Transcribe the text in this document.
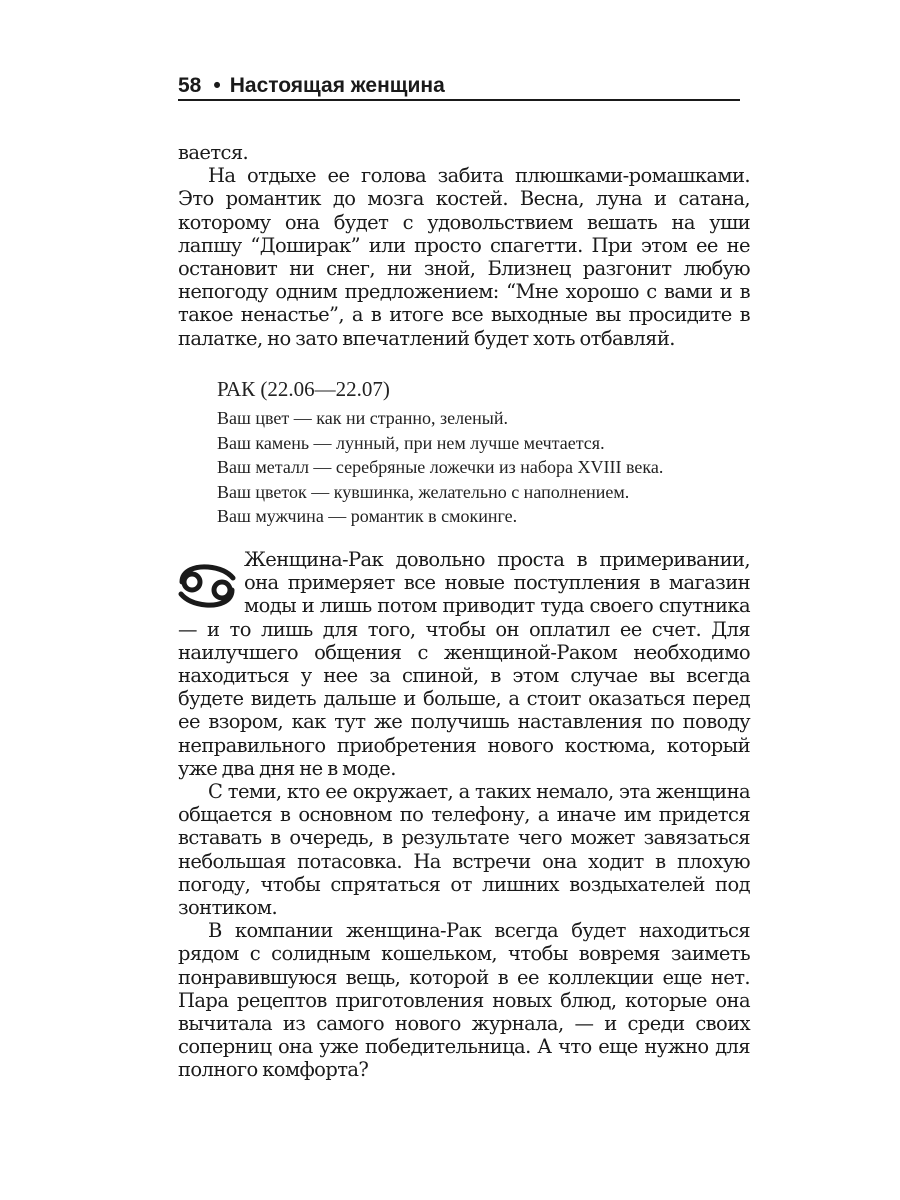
58 • Настоящая женщина

вается.

На отдыхе ее голова забита плюшками-ромашками. Это романтик до мозга костей. Весна, луна и сатана, которому она будет с удовольствием вешать на уши лапшу “Доширак” или просто спагетти. При этом ее не остановит ни снег, ни зной, Близнец разгонит любую непогоду одним предложением: “Мне хорошо с вами и в такое ненастье”, а в итоге все выходные вы просидите в палатке, но зато впечатлений будет хоть отбавляй.

РАК (22.06—22.07)
Ваш цвет — как ни странно, зеленый.
Ваш камень — лунный, при нем лучше мечтается.
Ваш металл — серебряные ложечки из набора XVIII века.
Ваш цветок — кувшинка, желательно с наполнением.
Ваш мужчина — романтик в смокинге.

Женщина-Рак довольно проста в примеривании, она примеряет все новые поступления в магазин моды и лишь потом приводит туда своего спутника — и то лишь для того, чтобы он оплатил ее счет. Для наилучшего общения с женщиной-Раком необходимо находиться у нее за спиной, в этом случае вы всегда будете видеть дальше и больше, а стоит оказаться перед ее взором, как тут же получишь наставления по поводу неправильного приобретения нового костюма, который уже два дня не в моде.

С теми, кто ее окружает, а таких немало, эта женщина общается в основном по телефону, а иначе им придется вставать в очередь, в результате чего может завязаться небольшая потасовка. На встречи она ходит в плохую погоду, чтобы спрятаться от лишних воздыхателей под зонтиком.

В компании женщина-Рак всегда будет находиться рядом с солидным кошельком, чтобы вовремя заиметь понравившуюся вещь, которой в ее коллекции еще нет. Пара рецептов приготовления новых блюд, которые она вычитала из самого нового журнала, — и среди своих соперниц она уже победительница. А что еще нужно для полного комфорта?
